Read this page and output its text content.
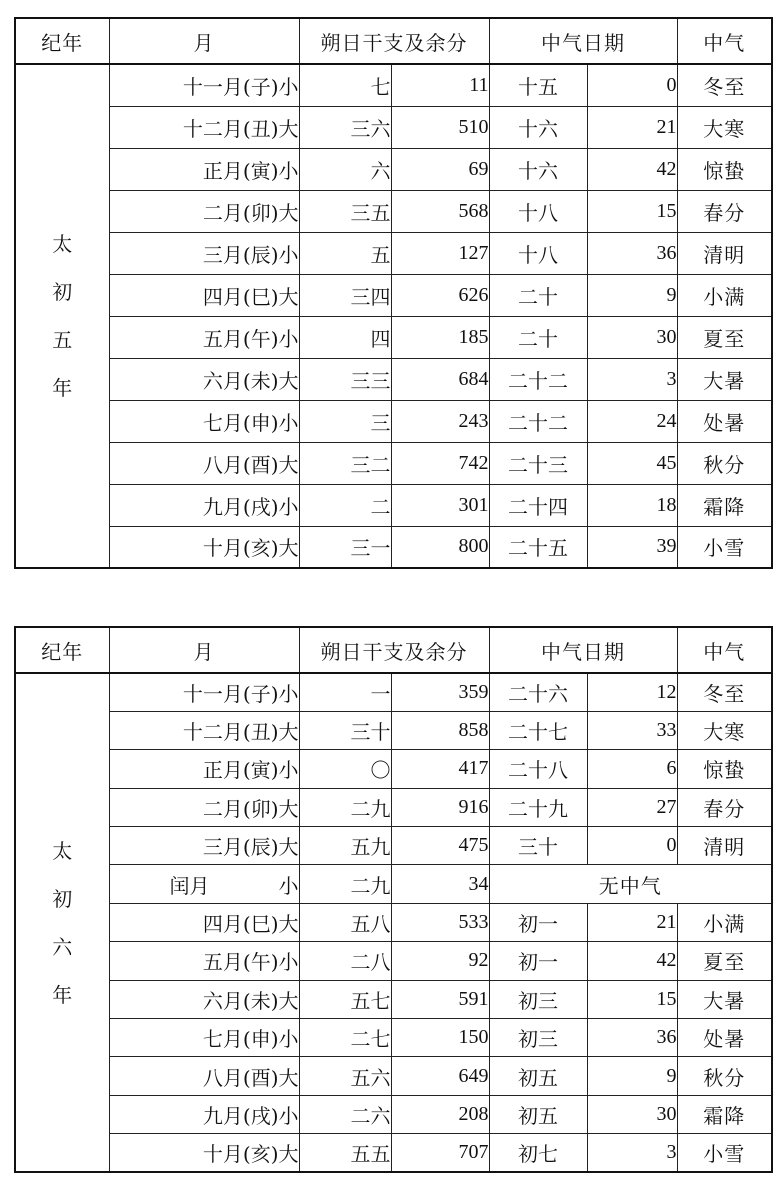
纪年	月	朔日干支及余分		中气日期		中气

太
初
五
年	十一月(子)小	七	11	十五	0	冬至
	十二月(丑)大	三六	510	十六	21	大寒
	正月(寅)小	六	69	十六	42	惊蛰
	二月(卯)大	三五	568	十八	15	春分
	三月(辰)小	五	127	十八	36	清明
	四月(巳)大	三四	626	二十	9	小满
	五月(午)小	四	185	二十	30	夏至
	六月(未)大	三三	684	二十二	3	大暑
	七月(申)小	三	243	二十二	24	处暑
	八月(酉)大	三二	742	二十三	45	秋分
	九月(戌)小	二	301	二十四	18	霜降
	十月(亥)大	三一	800	二十五	39	小雪
纪年	月	朔日干支及余分		中气日期		中气

太
初
六
年	十一月(子)小	一	359	二十六	12	冬至
	十二月(丑)大	三十	858	二十七	33	大寒
	正月(寅)小	〇	417	二十八	6	惊蛰
	二月(卯)大	二九	916	二十九	27	春分
	三月(辰)大	五九	475	三十	0	清明
	闰月 小	二九	34	无中气		
	四月(巳)大	五八	533	初一	21	小满
	五月(午)小	二八	92	初一	42	夏至
	六月(未)大	五七	591	初三	15	大暑
	七月(申)小	二七	150	初三	36	处暑
	八月(酉)大	五六	649	初五	9	秋分
	九月(戌)小	二六	208	初五	30	霜降
	十月(亥)大	五五	707	初七	3	小雪
